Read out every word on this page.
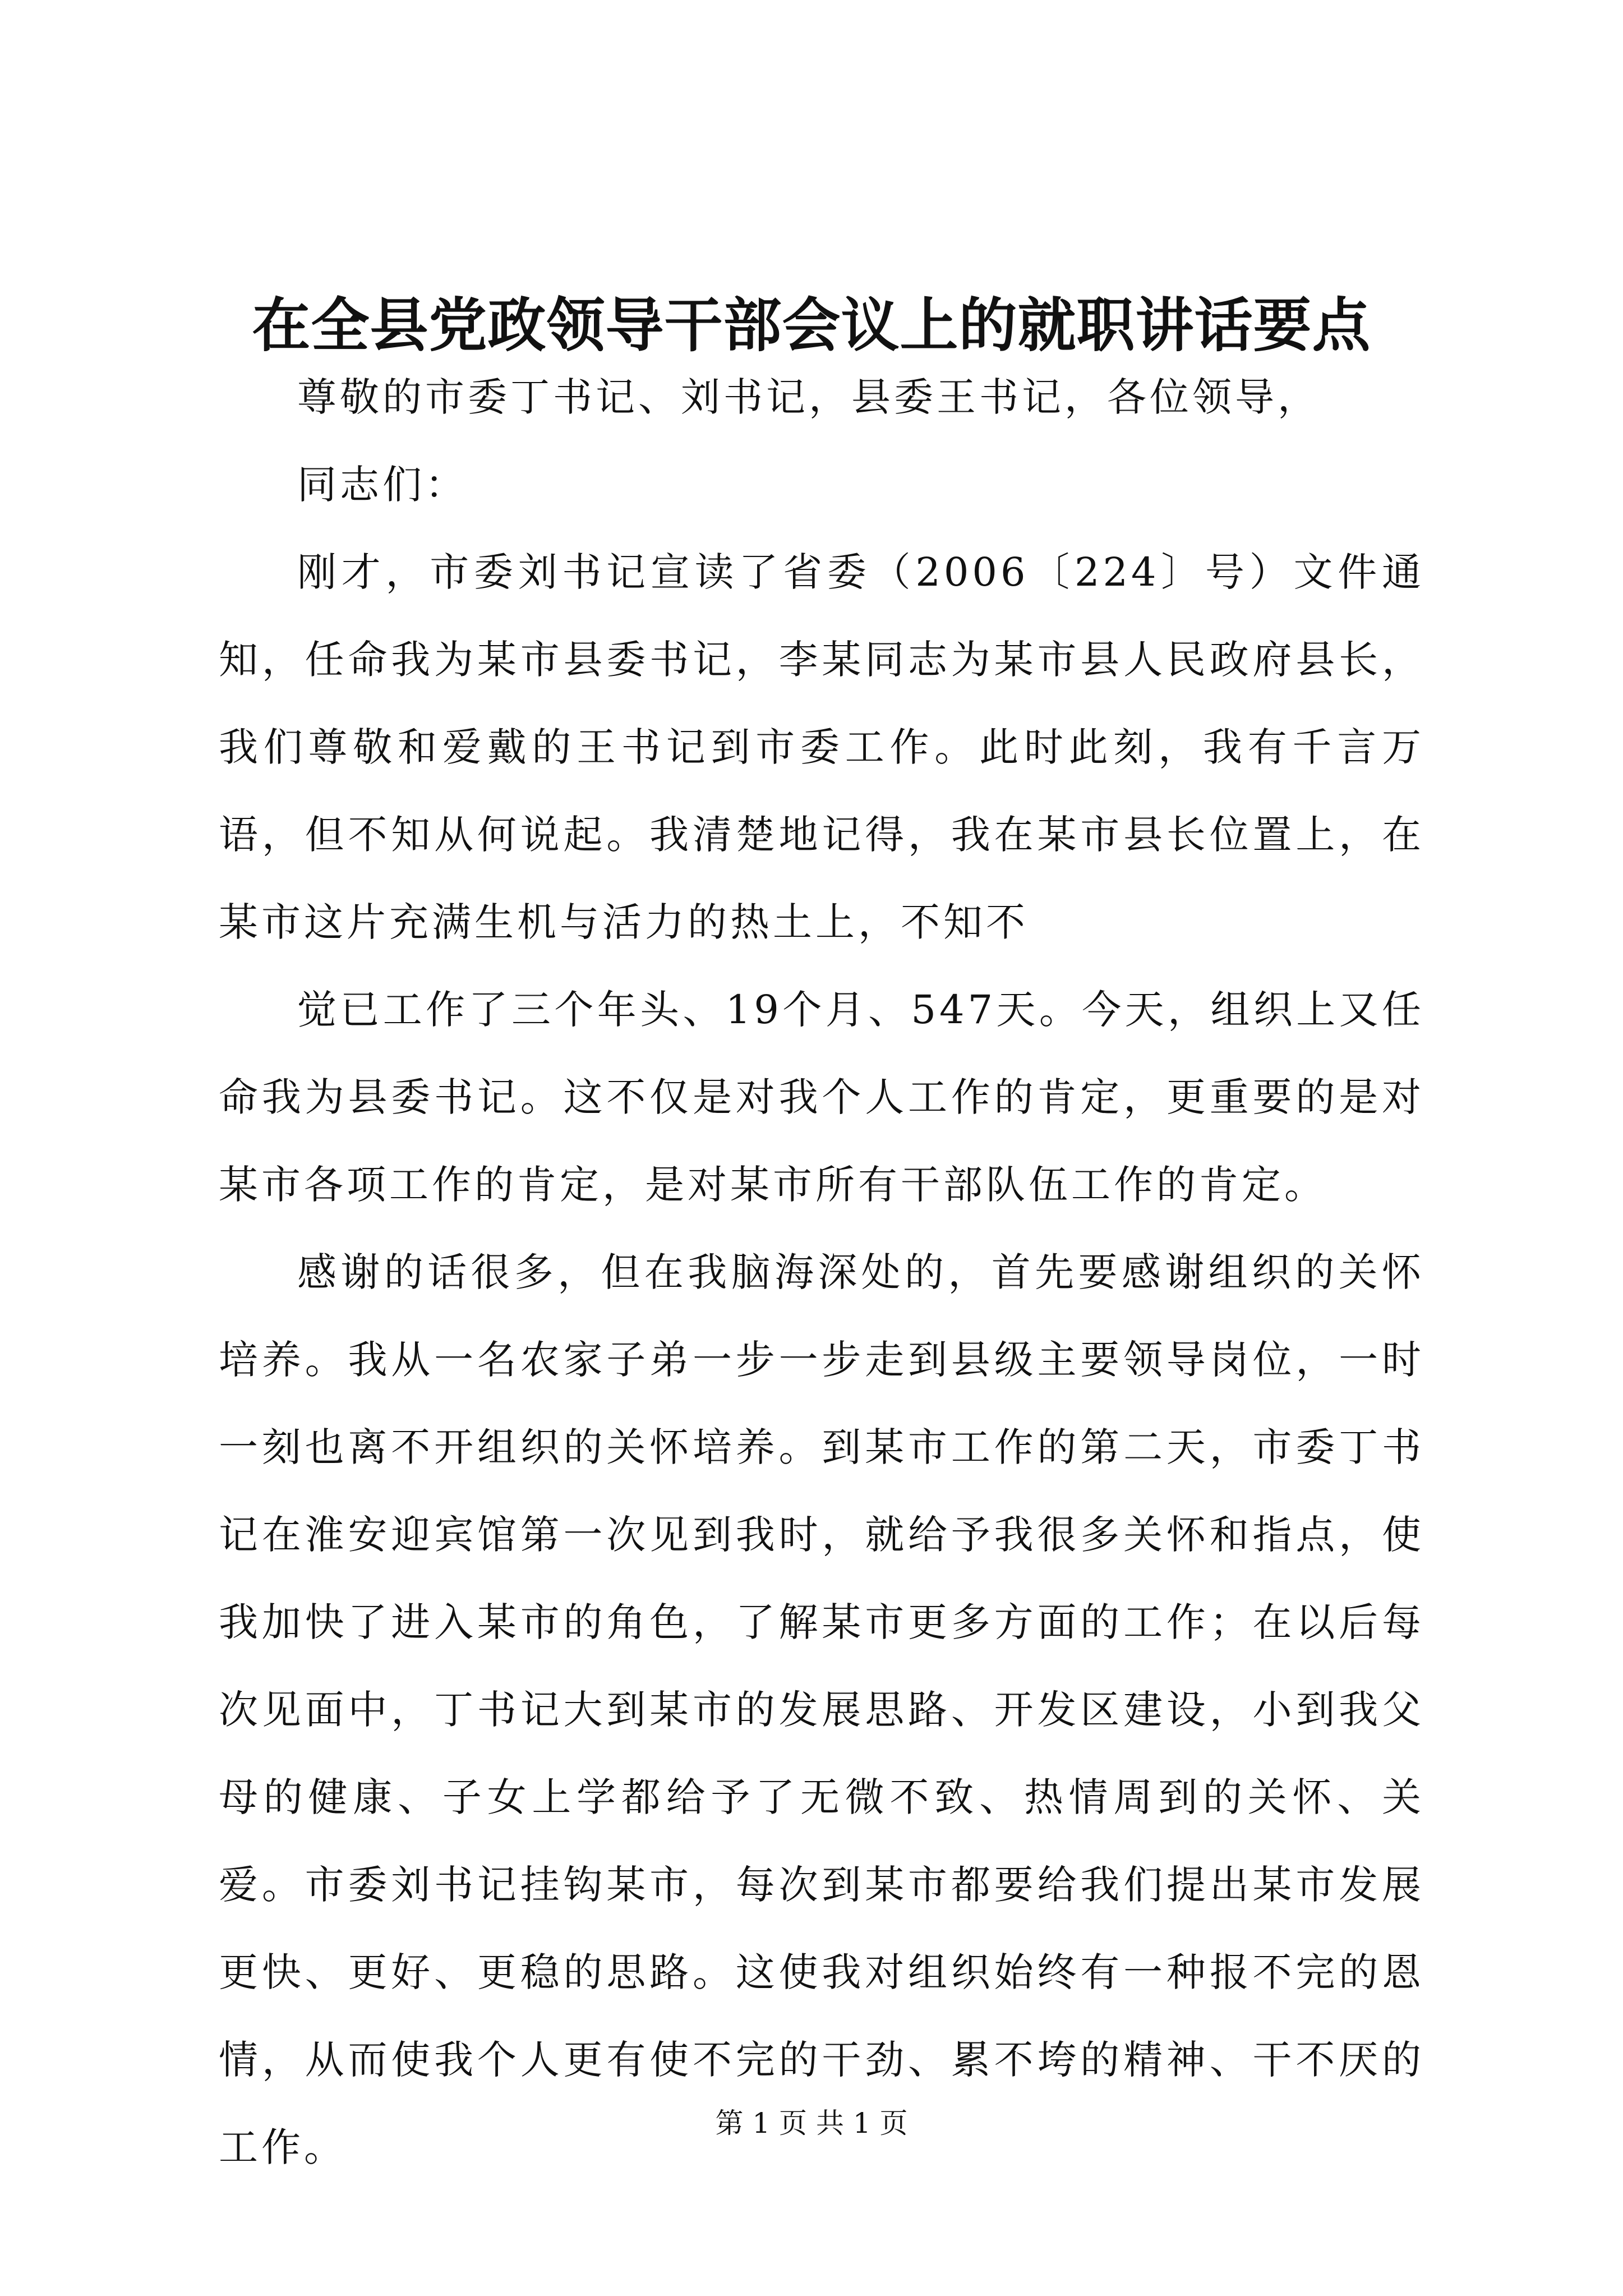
在全县党政领导干部会议上的就职讲话要点

尊敬的市委丁书记、刘书记，县委王书记，各位领导，

同志们：

刚才，市委刘书记宣读了省委（2006〔224〕号）文件通知，任命我为某市县委书记，李某同志为某市县人民政府县长，我们尊敬和爱戴的王书记到市委工作。此时此刻，我有千言万语，但不知从何说起。我清楚地记得，我在某市县长位置上，在某市这片充满生机与活力的热土上，不知不

觉已工作了三个年头、19个月、547天。今天，组织上又任命我为县委书记。这不仅是对我个人工作的肯定，更重要的是对某市各项工作的肯定，是对某市所有干部队伍工作的肯定。

感谢的话很多，但在我脑海深处的，首先要感谢组织的关怀培养。我从一名农家子弟一步一步走到县级主要领导岗位，一时一刻也离不开组织的关怀培养。到某市工作的第二天，市委丁书记在淮安迎宾馆第一次见到我时，就给予我很多关怀和指点，使我加快了进入某市的角色，了解某市更多方面的工作；在以后每次见面中，丁书记大到某市的发展思路、开发区建设，小到我父母的健康、子女上学都给予了无微不致、热情周到的关怀、关爱。市委刘书记挂钩某市，每次到某市都要给我们提出某市发展更快、更好、更稳的思路。这使我对组织始终有一种报不完的恩情，从而使我个人更有使不完的干劲、累不垮的精神、干不厌的工作。

第 1 页 共 1 页
